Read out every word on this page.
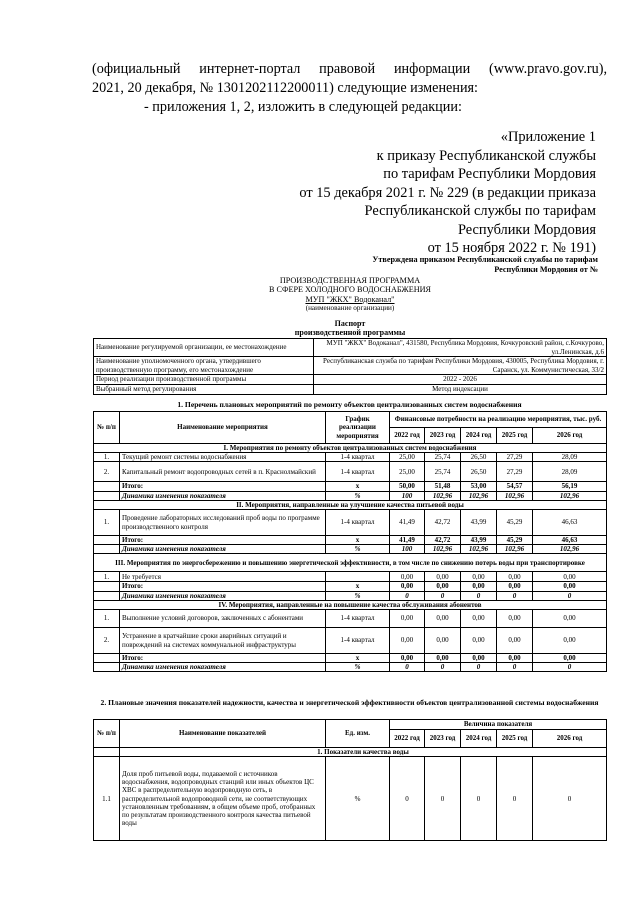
(официальный интернет-портал правовой информации (www.pravo.gov.ru),
2021, 20 декабря, № 1301202112200011) следующие изменения:
- приложения 1, 2, изложить в следующей редакции:
«Приложение 1
к приказу Республиканской службы
по тарифам Республики Мордовия
от 15 декабря 2021 г. № 229 (в редакции приказа
Республиканской службы по тарифам
Республики Мордовия
от 15 ноября 2022 г. № 191)
Утверждена приказом Республиканской службы по тарифам
Республики Мордовия от №
ПРОИЗВОДСТВЕННАЯ ПРОГРАММА
В СФЕРЕ ХОЛОДНОГО ВОДОСНАБЖЕНИЯ
МУП "ЖКХ" Водоканал"
(наименование организации)
Паспорт
производственной программы
Наименование регулируемой организации, ее местонахождение	МУП "ЖКХ" Водоканал", 431580, Республика Мордовия, Кочкуровский район, с.Кочкурово, ул.Ленинская, д.6
Наименование уполномоченного органа, утвердившего производственную программу, его местонахождение	Республиканская служба по тарифам Республики Мордовия, 430005, Республика Мордовия, г. Саранск, ул. Коммунистическая, 33/2
Период реализации производственной программы	2022 - 2026
Выбранный метод регулирования	Метод индексации
1. Перечень плановых мероприятий по ремонту объектов централизованных систем водоснабжения
№ п/п	Наименование мероприятия	График реализации мероприятия	Финансовые потребности на реализацию мероприятия, тыс. руб.				
			2022 год	2023 год	2024 год	2025 год	2026 год
I. Мероприятия по ремонту объектов централизованных систем водоснабжения							
1.	Текущий ремонт системы водоснабжения	1-4 квартал	25,00	25,74	26,50	27,29	28,09
2.	Капитальный ремонт водопроводных сетей в п. Краснолмайский	1-4 квартал	25,00	25,74	26,50	27,29	28,09
	Итого:	х	50,00	51,48	53,00	54,57	56,19
	Динамика изменения показателя	%	100	102,96	102,96	102,96	102,96
II. Мероприятия, направленные на улучшение качества питьевой воды							
1.	Проведение лабораторных исследований проб воды по программе производственного контроля	1-4 квартал	41,49	42,72	43,99	45,29	46,63
	Итого:	х	41,49	42,72	43,99	45,29	46,63
	Динамика изменения показателя	%	100	102,96	102,96	102,96	102,96
III. Мероприятия по энергосбережению и повышению энергетической эффективности, в том числе по снижению потерь воды при транспортировке							
1.	Не требуется		0,00	0,00	0,00	0,00	0,00
	Итого:	х	0,00	0,00	0,00	0,00	0,00
	Динамика изменения показателя	%	0	0	0	0	0
IV. Мероприятия, направленные на повышение качества обслуживания абонентов							
1.	Выполнение условий договоров, заключенных с абонентами	1-4 квартал	0,00	0,00	0,00	0,00	0,00
2.	Устранение в кратчайшие сроки аварийных ситуаций и повреждений на системах коммунальной инфраструктуры	1-4 квартал	0,00	0,00	0,00	0,00	0,00
	Итого:	х	0,00	0,00	0,00	0,00	0,00
	Динамика изменения показателя	%	0	0	0	0	0
2. Плановые значения показателей надежности, качества и энергетической эффективности объектов централизованной системы водоснабжения
№ п/п	Наименование показателей	Ед. изм.	Величина показателя				
			2022 год	2023 год	2024 год	2025 год	2026 год
	1. Показатели качества воды						
1.1	Доля проб питьевой воды, подаваемой с источников водоснабжения, водопроводных станций или иных объектов ЦС ХВС в распределительную водопроводную сеть, в распределительной водопроводной сети, не соответствующих установленным требованиям, в общем объеме проб, отобранных по результатам производственного контроля качества питьевой воды	%	0	0	0	0	0
